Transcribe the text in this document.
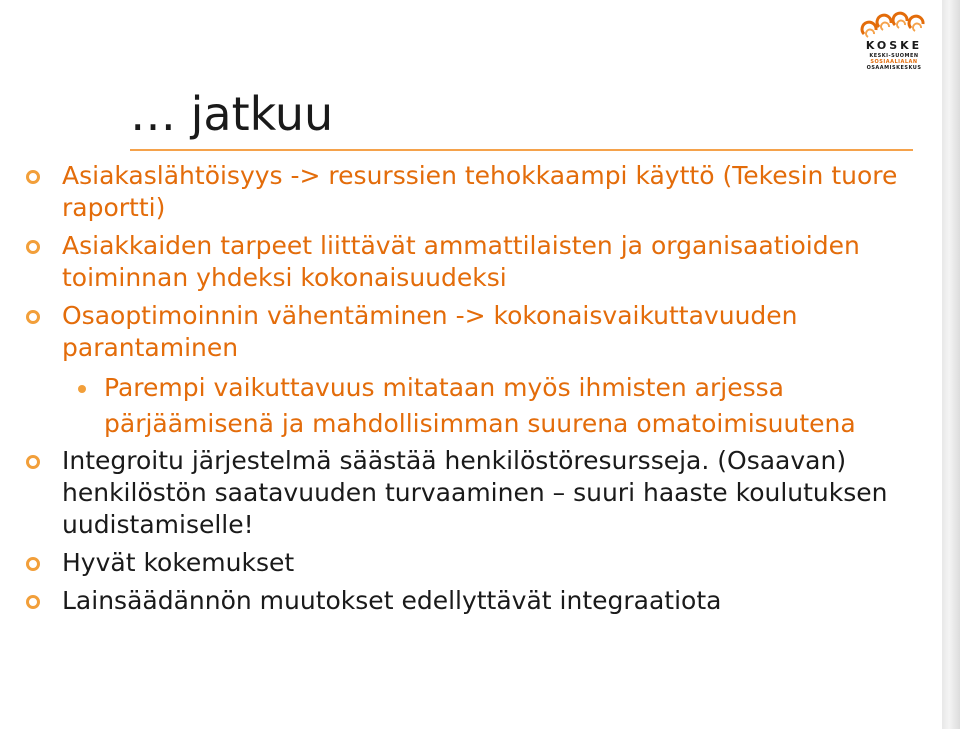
KOSKE
KESKI-SUOMEN
SOSIAALIALAN
OSAAMISKESKUS
… jatkuu
Asiakaslähtöisyys -> resurssien tehokkaampi käyttö (Tekesin tuore raportti)
Asiakkaiden tarpeet liittävät ammattilaisten ja organisaatioiden toiminnan yhdeksi kokonaisuudeksi
Osaoptimoinnin vähentäminen -> kokonaisvaikuttavuuden parantaminen
Parempi vaikuttavuus mitataan myös ihmisten arjessa pärjäämisenä ja mahdollisimman suurena omatoimisuutena
Integroitu järjestelmä säästää henkilöstöresursseja. (Osaavan) henkilöstön saatavuuden turvaaminen – suuri haaste koulutuksen uudistamiselle!
Hyvät kokemukset
Lainsäädännön muutokset edellyttävät integraatiota
